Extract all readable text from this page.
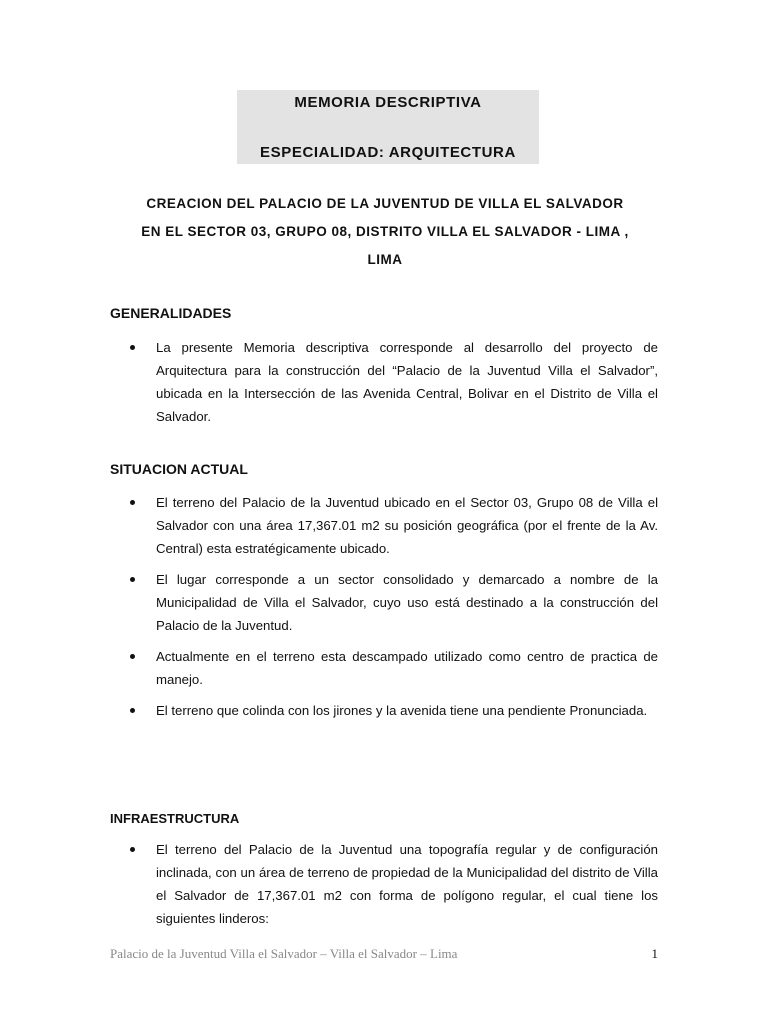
MEMORIA DESCRIPTIVA
ESPECIALIDAD: ARQUITECTURA
CREACION DEL PALACIO DE LA JUVENTUD DE VILLA EL SALVADOR
EN EL SECTOR 03, GRUPO 08, DISTRITO VILLA EL SALVADOR - LIMA ,
LIMA
GENERALIDADES
La presente Memoria descriptiva corresponde al desarrollo del proyecto de Arquitectura para la construcción del “Palacio de la Juventud Villa el Salvador”, ubicada en la Intersección de las Avenida Central, Bolivar en el Distrito de Villa el Salvador.
SITUACION ACTUAL
El terreno del Palacio de la Juventud ubicado en el Sector 03, Grupo 08 de Villa el Salvador con una área 17,367.01 m2 su posición geográfica (por el frente de la Av. Central) esta estratégicamente ubicado.
El lugar corresponde a un sector consolidado y demarcado a nombre de la Municipalidad de Villa el Salvador, cuyo uso está destinado a la construcción del Palacio de la Juventud.
Actualmente en el terreno esta descampado utilizado como centro de practica de manejo.
El terreno que colinda con los jirones y la avenida tiene una pendiente Pronunciada.
INFRAESTRUCTURA
El terreno del Palacio de la Juventud una topografía regular y de configuración inclinada, con un área de terreno de propiedad de la Municipalidad del distrito de Villa el Salvador de 17,367.01 m2 con forma de polígono regular, el cual tiene los siguientes linderos:
Palacio de la Juventud Villa el Salvador – Villa el Salvador – Lima	1
